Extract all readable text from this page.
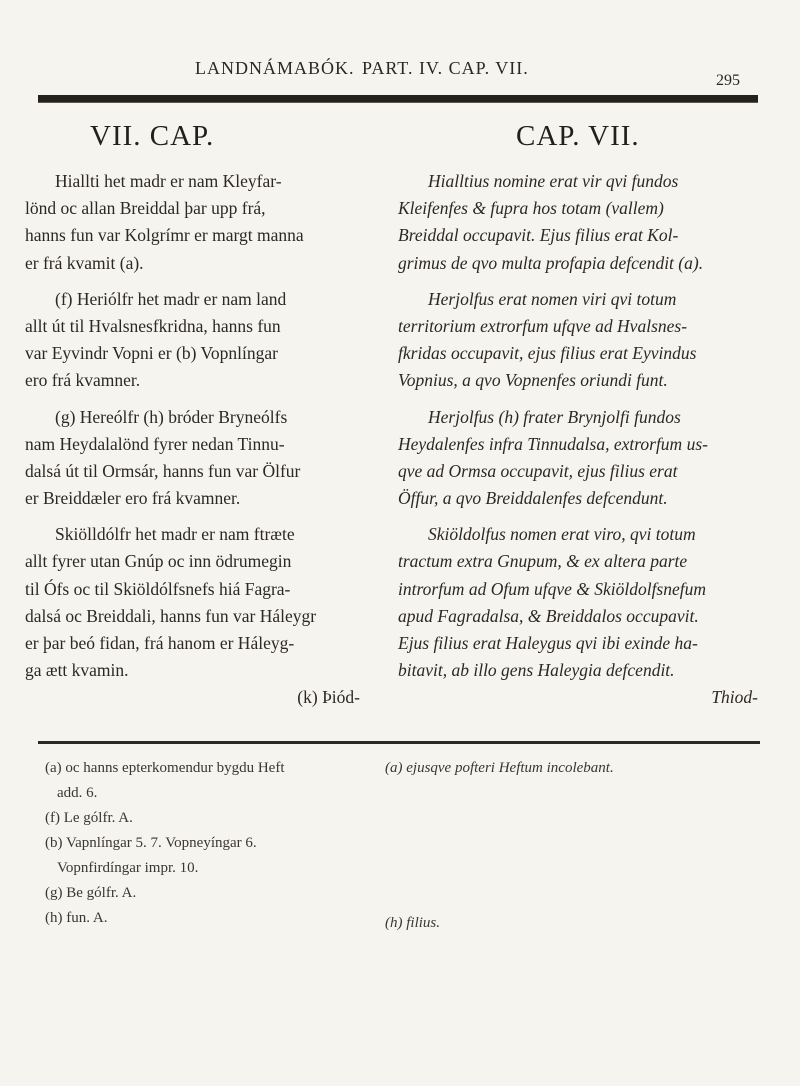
LANDNÁMABÓK. PART. IV. CAP. VII.
295
VII. CAP.	CAP. VII.
Hiallti het madr er nam Kleyfar-
lönd oc allan Breiddal þar upp frá,
hanns fun var Kolgrímr er margt manna
er frá kvamit (a).
(f) Heriólfr het madr er nam land
allt út til Hvalsnesfkridna, hanns fun
var Eyvindr Vopni er (b) Vopnlíngar
ero frá kvamner.
(g) Hereólfr (h) bróder Bryneólfs
nam Heydalalönd fyrer nedan Tinnu-
dalsá út til Ormsár, hanns fun var Ölfur
er Breiddæler ero frá kvamner.
Skiölldólfr het madr er nam ftræte
allt fyrer utan Gnúp oc inn ödrumegin
til Ófs oc til Skiöldólfsnefs hiá Fagra-
dalsá oc Breiddali, hanns fun var Háleygr
er þar beó fidan, frá hanom er Háleyg-
ga ætt kvamin.
(k) Þiód-
Hialltius nomine erat vir qvi fundos
Kleifenfes & fupra hos totam (vallem)
Breiddal occupavit. Ejus filius erat Kol-
grimus de qvo multa profapia defcendit (a).
Herjolfus erat nomen viri qvi totum
territorium extrorfum ufqve ad Hvalsnes-
fkridas occupavit, ejus filius erat Eyvindus
Vopnius, a qvo Vopnenfes oriundi funt.
Herjolfus (h) frater Brynjolfi fundos
Heydalenfes infra Tinnudalsa, extrorfum us-
qve ad Ormsa occupavit, ejus filius erat
Öffur, a qvo Breiddalenfes defcendunt.
Skiöldolfus nomen erat viro, qvi totum
tractum extra Gnupum, & ex altera parte
introrfum ad Ofum ufqve & Skiöldolfsnefum
apud Fagradalsa, & Breiddalos occupavit.
Ejus filius erat Haleygus qvi ibi exinde ha-
bitavit, ab illo gens Haleygia defcendit.
Thiod-
(a) oc hanns epterkomendur bygdu Heft
add. 6.
(f) Le gólfr. A.
(b) Vapnlíngar 5. 7. Vopneyíngar 6.
Vopnfirdíngar impr. 10.
(g) Be gólfr. A.
(h) fun. A.
(a) ejusqve pofteri Heftum incolebant.
(h) filius.
